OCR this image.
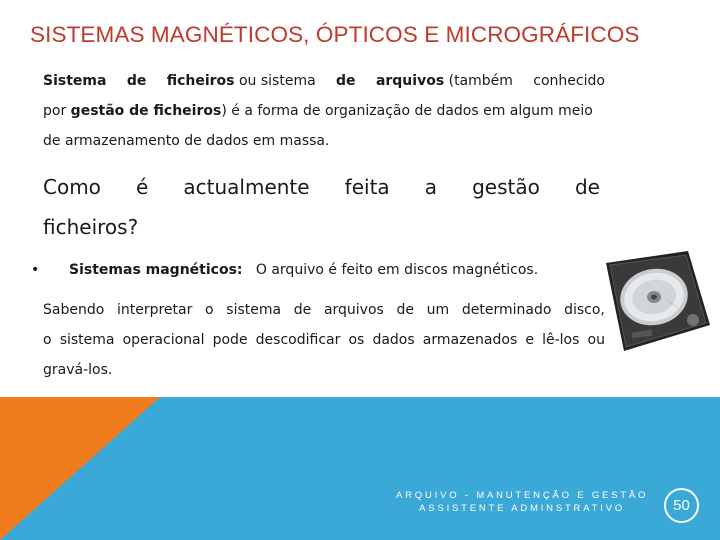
SISTEMAS MAGNÉTICOS, ÓPTICOS E MICROGRÁFICOS
Sistema de ficheiros ou sistema de arquivos (também conhecido
por gestão de ficheiros) é a forma de organização de dados em algum meio
de armazenamento de dados em massa.
Como é actualmente feita a gestão de
ficheiros?
• Sistemas magnéticos: O arquivo é feito em discos magnéticos.
Sabendo interpretar o sistema de arquivos de um determinado disco,
o sistema operacional pode descodificar os dados armazenados e lê-los ou
gravá-los.
ARQUIVO - MANUTENÇÃO E GESTÃO
ASSISTENTE ADMINSTRATIVO	50
